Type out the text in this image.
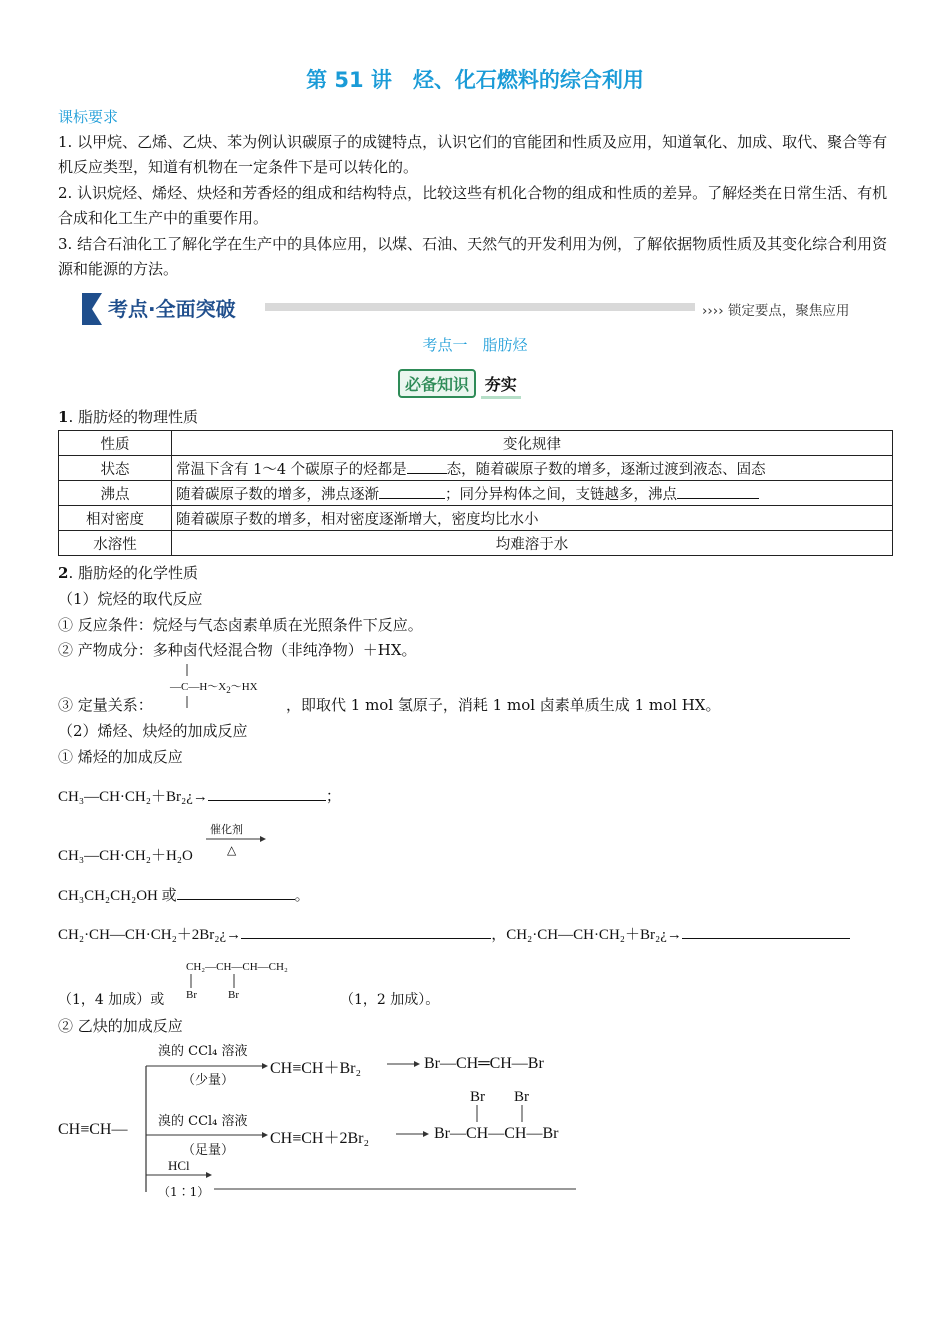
第 51 讲　烃、化石燃料的综合利用
课标要求
1. 以甲烷、乙烯、乙炔、苯为例认识碳原子的成键特点，认识它们的官能团和性质及应用，知道氧化、加成、取代、聚合等有机反应类型，知道有机物在一定条件下是可以转化的。
2. 认识烷烃、烯烃、炔烃和芳香烃的组成和结构特点，比较这些有机化合物的组成和性质的差异。了解烃类在日常生活、有机合成和化工生产中的重要作用。
3. 结合石油化工了解化学在生产中的具体应用，以煤、石油、天然气的开发利用为例，了解依据物质性质及其变化综合利用资源和能源的方法。
考点·全面突破	›››› 锁定要点，聚焦应用
考点一　脂肪烃
必备知识 夯实
1. 脂肪烃的物理性质
性质	变化规律
状态	常温下含有 1～4 个碳原子的烃都是 态，随着碳原子数的增多，逐渐过渡到液态、固态
沸点	随着碳原子数的增多，沸点逐渐 ；同分异构体之间，支链越多，沸点
相对密度	随着碳原子数的增多，相对密度逐渐增大，密度均比水小
水溶性	均难溶于水
2. 脂肪烃的化学性质
（1）烷烃的取代反应
① 反应条件：烷烃与气态卤素单质在光照条件下反应。
② 产物成分：多种卤代烃混合物（非纯净物）＋HX。
③ 定量关系：
$—C—H\sim X_2\sim HX$
，即取代 1 mol 氢原子，消耗 1 mol 卤素单质生成 1 mol HX。
（2）烯烃、炔烃的加成反应
① 烯烃的加成反应
CH₃—CH·CH₂＋Br₂¿→	；
CH₃—CH·CH₂＋H₂O
催化剂
△
CH₃CH₂CH₂OH 或	。
CH₂·CH—CH·CH₂＋2Br₂¿→	，CH₂·CH—CH·CH₂＋Br₂¿→
CH₂—CH—CH—CH₂
Br	Br
（1，4 加成）或	（1，2 加成）。
② 乙炔的加成反应
CH≡CH—
溴的 CCl₄ 溶液
（少量）
CH≡CH＋Br₂	Br—CH═CH—Br
溴的 CCl₄ 溶液
（足量）
CH≡CH＋2Br₂
Br Br
Br—CH—CH—Br
HCl
（1∶1）
